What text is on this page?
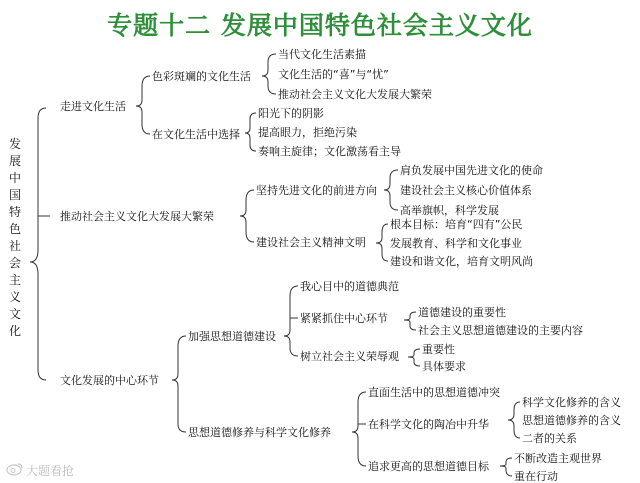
专题十二 发展中国特色社会主义文化
发展中国特色社会主义文化
走进文化生活
色彩斑斓的文化生活
当代文化生活素描
文化生活的“喜”与“忧”
推动社会主义文化大发展大繁荣
在文化生活中选择
阳光下的阴影
提高眼力，拒绝污染
奏响主旋律；文化激荡看主导
推动社会主义文化大发展大繁荣
坚持先进文化的前进方向
肩负发展中国先进文化的使命
建设社会主义核心价值体系
高举旗帜，科学发展
建设社会主义精神文明
根本目标：培育“四有”公民
发展教育、科学和文化事业
建设和谐文化，培育文明风尚
文化发展的中心环节
加强思想道德建设
我心目中的道德典范
紧紧抓住中心环节	道德建设的重要性
社会主义思想道德建设的主要内容
树立社会主义荣辱观
重要性
具体要求
思想道德修养与科学文化修养
直面生活中的思想道德冲突
在科学文化的陶冶中升华
科学文化修养的含义
思想道德修养的含义
二者的关系
追求更高的思想道德目标
不断改造主观世界
重在行动
大题看抢
